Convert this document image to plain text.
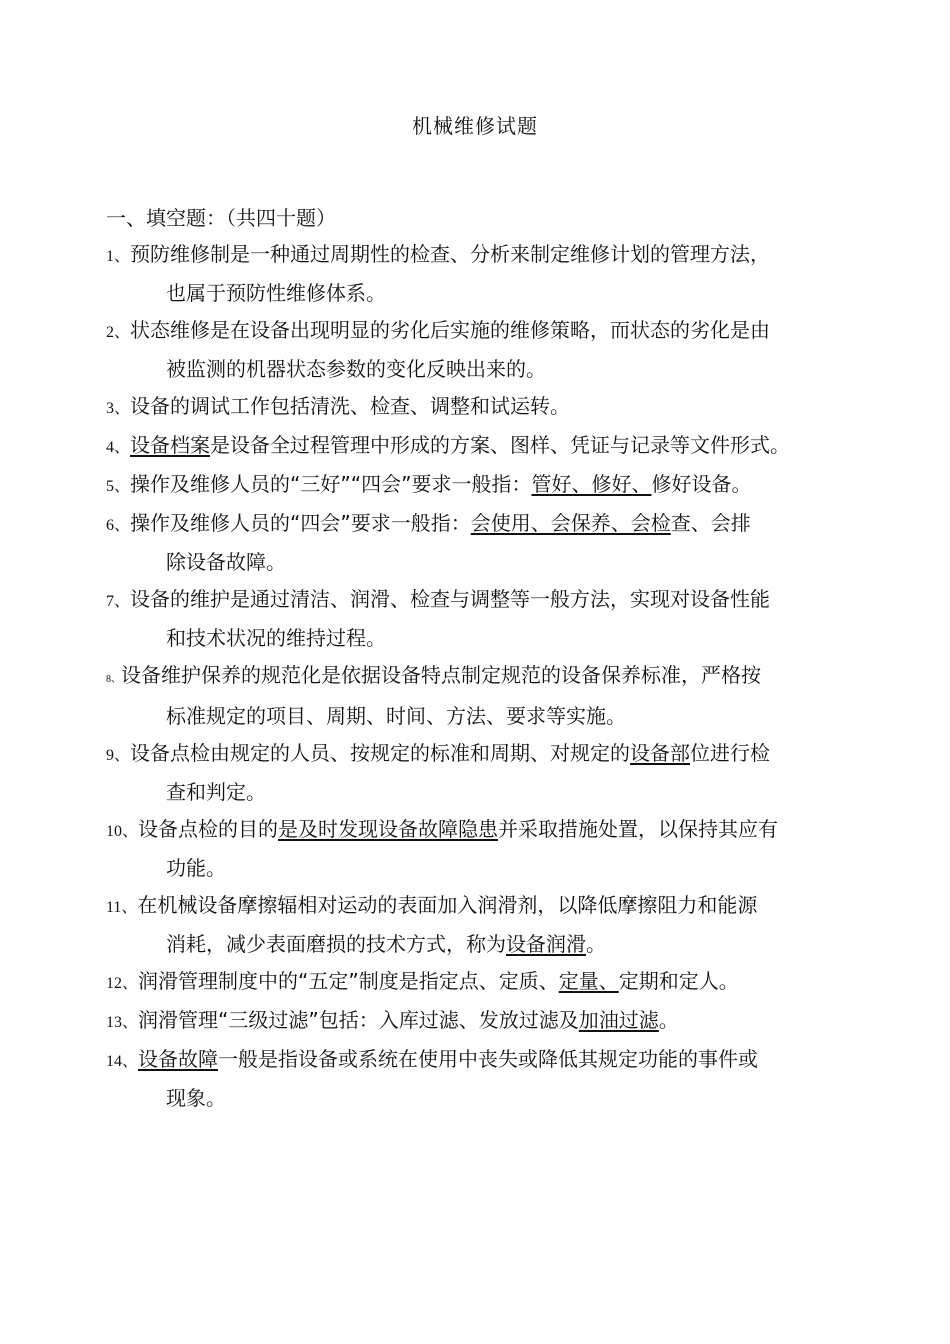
机械维修试题
一、填空题：（共四十题）
1、预防维修制是一种通过周期性的检查、分析来制定维修计划的管理方法，
也属于预防性维修体系。
2、状态维修是在设备出现明显的劣化后实施的维修策略，而状态的劣化是由
被监测的机器状态参数的变化反映出来的。
3、设备的调试工作包括清洗、检查、调整和试运转。
4、设备档案是设备全过程管理中形成的方案、图样、凭证与记录等文件形式。
5、操作及维修人员的“三好”“四会”要求一般指：管好、修好、修好设备。
6、操作及维修人员的“四会”要求一般指：会使用、会保养、会检查、会排
除设备故障。
7、设备的维护是通过清洁、润滑、检查与调整等一般方法，实现对设备性能
和技术状况的维持过程。
8、设备维护保养的规范化是依据设备特点制定规范的设备保养标准，严格按
标准规定的项目、周期、时间、方法、要求等实施。
9、设备点检由规定的人员、按规定的标准和周期、对规定的设备部位进行检
查和判定。
10、设备点检的目的是及时发现设备故障隐患并采取措施处置，以保持其应有
功能。
11、在机械设备摩擦辐相对运动的表面加入润滑剂，以降低摩擦阻力和能源
消耗，减少表面磨损的技术方式，称为设备润滑。
12、润滑管理制度中的“五定”制度是指定点、定质、定量、定期和定人。
13、润滑管理“三级过滤”包括：入库过滤、发放过滤及加油过滤。
14、设备故障一般是指设备或系统在使用中丧失或降低其规定功能的事件或
现象。
